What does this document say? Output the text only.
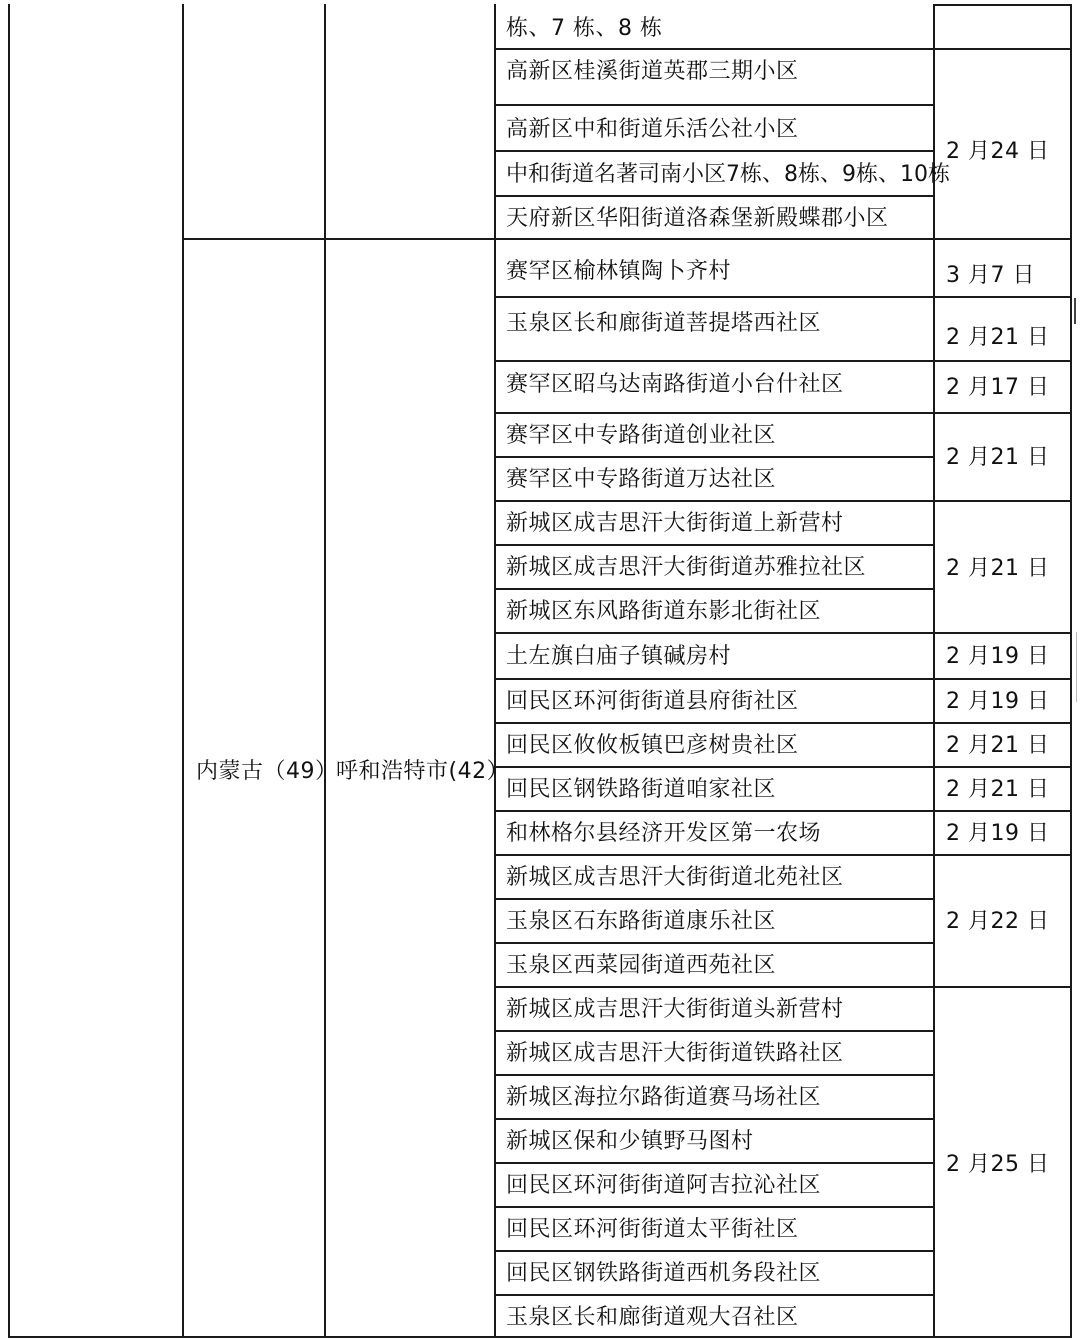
内蒙古（49）
呼和浩特市(42）
栋、7 栋、8 栋
高新区桂溪街道英郡三期小区
高新区中和街道乐活公社小区
中和街道名著司南小区7栋、8栋、9栋、10栋
天府新区华阳街道洛森堡新殿蝶郡小区
赛罕区榆林镇陶卜齐村
玉泉区长和廊街道菩提塔西社区
赛罕区昭乌达南路街道小台什社区
赛罕区中专路街道创业社区
赛罕区中专路街道万达社区
新城区成吉思汗大街街道上新营村
新城区成吉思汗大街街道苏雅拉社区
新城区东风路街道东影北街社区
土左旗白庙子镇碱房村
回民区环河街街道县府街社区
回民区攸攸板镇巴彦树贵社区
回民区钢铁路街道咱家社区
和林格尔县经济开发区第一农场
新城区成吉思汗大街街道北苑社区
玉泉区石东路街道康乐社区
玉泉区西菜园街道西苑社区
新城区成吉思汗大街街道头新营村
新城区成吉思汗大街街道铁路社区
新城区海拉尔路街道赛马场社区
新城区保和少镇野马图村
回民区环河街街道阿吉拉沁社区
回民区环河街街道太平街社区
回民区钢铁路街道西机务段社区
玉泉区长和廊街道观大召社区
2 月24 日
3 月7 日
2 月21 日
2 月17 日
2 月21 日
2 月21 日
2 月19 日
2 月19 日
2 月21 日
2 月21 日
2 月19 日
2 月22 日
2 月25 日
